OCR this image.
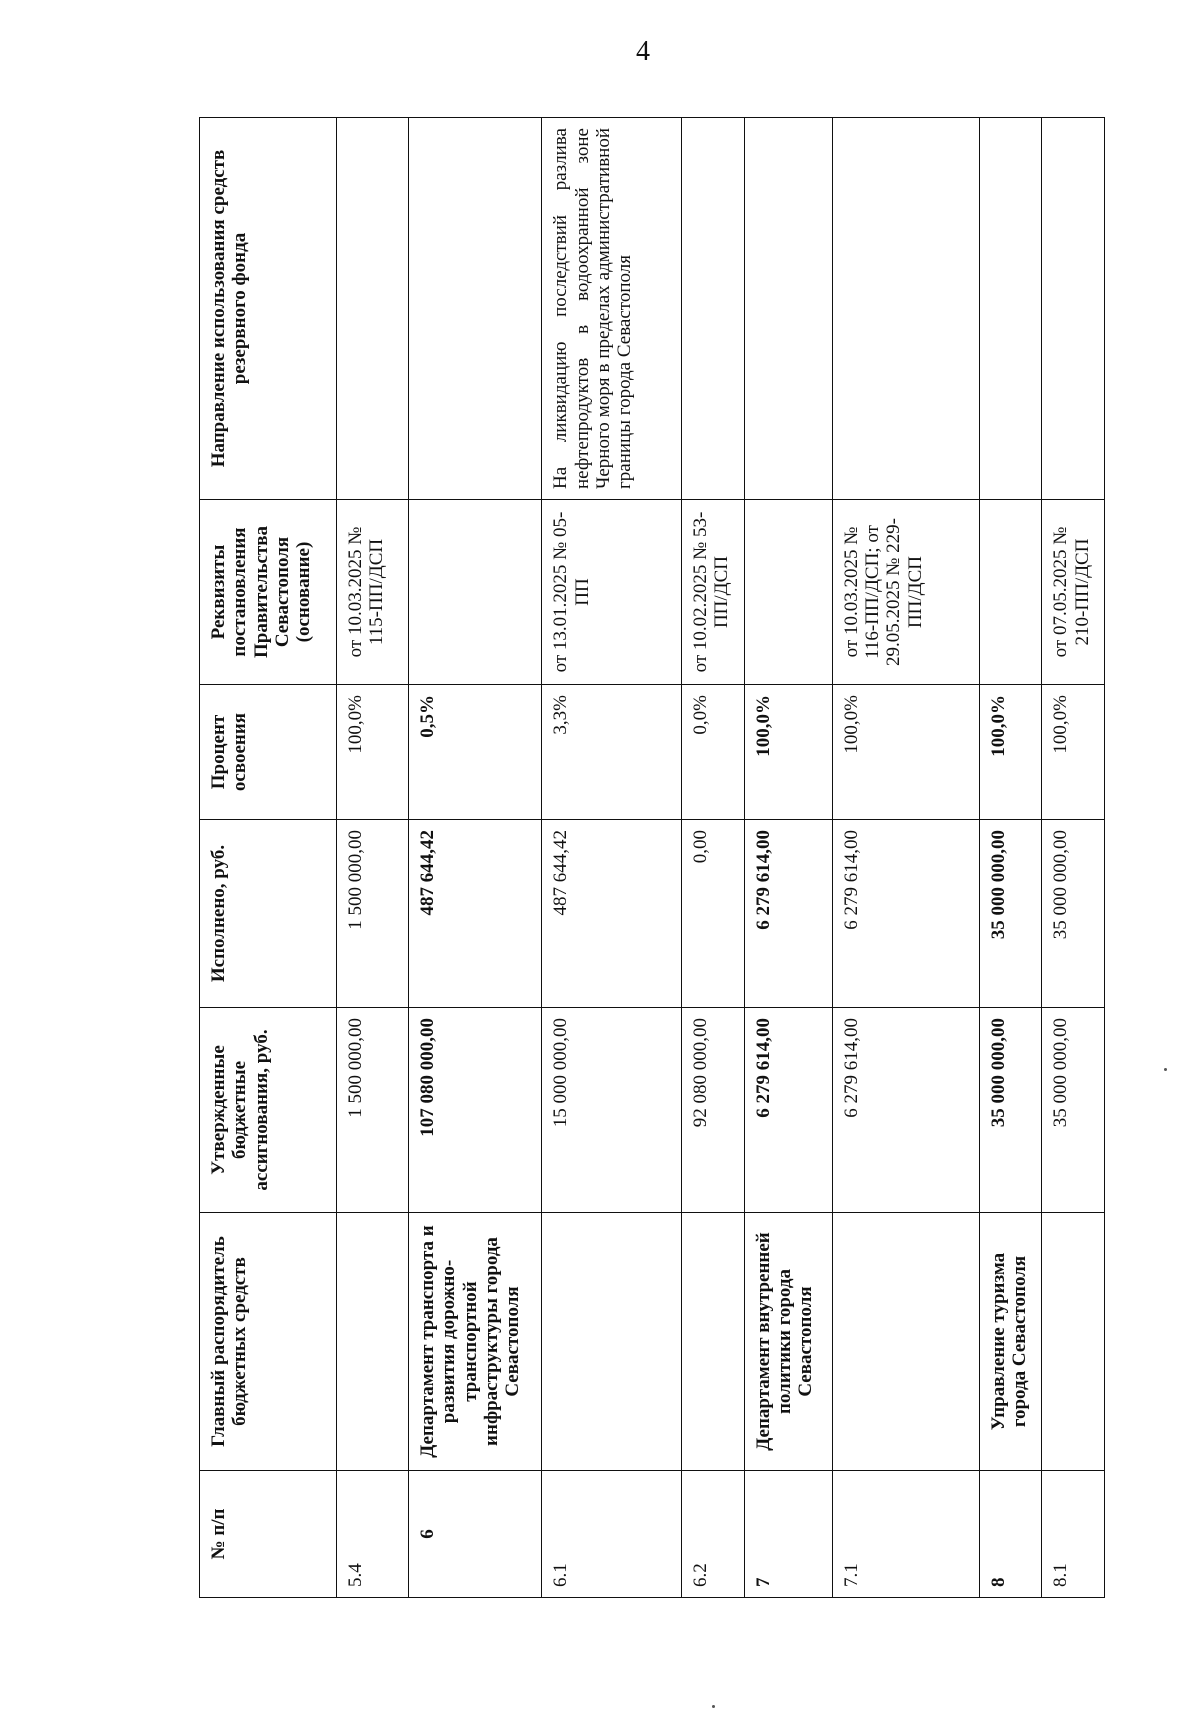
4
№ п/п	Главный распорядитель бюджетных средств	Утвержденные бюджетные ассигнования, руб.	Исполнено, руб.	Процент освоения	Реквизиты постановления Правительства Севастополя (основание)	Направление использования средств резервного фонда
5.4		1 500 000,00	1 500 000,00	100,0%	от 10.03.2025 № 115-ПП/ДСП	
6	Департамент транспорта и развития дорожно-транспортной инфраструктуры города Севастополя	107 080 000,00	487 644,42	0,5%		
6.1		15 000 000,00	487 644,42	3,3%	от 13.01.2025 № 05-ПП	На ликвидацию последствий разлива нефтепродуктов в водоохранной зоне Черного моря в пределах административной границы города Севастополя
6.2		92 080 000,00	0,00	0,0%	от 10.02.2025 № 53-ПП/ДСП	
7	Департамент внутренней политики города Севастополя	6 279 614,00	6 279 614,00	100,0%		
7.1		6 279 614,00	6 279 614,00	100,0%	от 10.03.2025 № 116-ПП/ДСП; от 29.05.2025 № 229-ПП/ДСП	
8	Управление туризма города Севастополя	35 000 000,00	35 000 000,00	100,0%		
8.1		35 000 000,00	35 000 000,00	100,0%	от 07.05.2025 № 210-ПП/ДСП	
